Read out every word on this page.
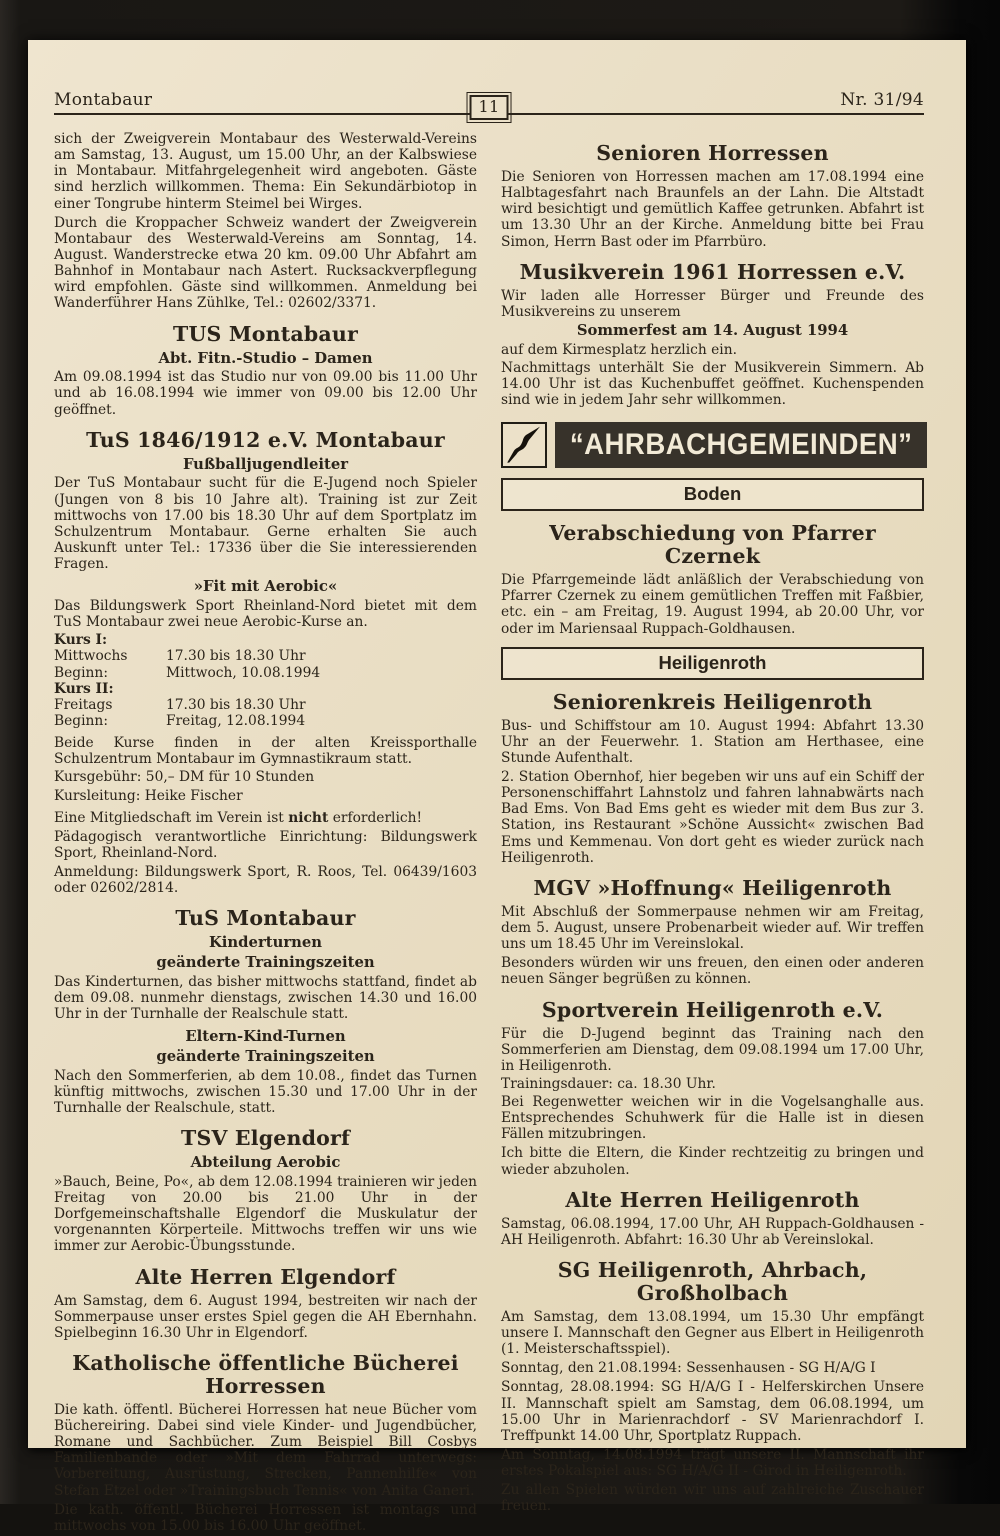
Montabaur	11	Nr. 31/94
sich der Zweigverein Montabaur des Westerwald-Vereins am Samstag, 13. August, um 15.00 Uhr, an der Kalbswiese in Montabaur. Mitfahrgelegenheit wird angeboten. Gäste sind herzlich willkommen. Thema: Ein Sekundärbiotop in einer Tongrube hinterm Steimel bei Wirges.
Durch die Kroppacher Schweiz wandert der Zweigverein Montabaur des Westerwald-Vereins am Sonntag, 14. August. Wanderstrecke etwa 20 km. 09.00 Uhr Abfahrt am Bahnhof in Montabaur nach Astert. Rucksackverpflegung wird empfohlen. Gäste sind willkommen. Anmeldung bei Wanderführer Hans Zühlke, Tel.: 02602/3371.
TUS Montabaur
Abt. Fitn.-Studio – Damen
Am 09.08.1994 ist das Studio nur von 09.00 bis 11.00 Uhr und ab 16.08.1994 wie immer von 09.00 bis 12.00 Uhr geöffnet.
TuS 1846/1912 e.V. Montabaur
Fußballjugendleiter
Der TuS Montabaur sucht für die E-Jugend noch Spieler (Jungen von 8 bis 10 Jahre alt). Training ist zur Zeit mittwochs von 17.00 bis 18.30 Uhr auf dem Sportplatz im Schulzentrum Montabaur. Gerne erhalten Sie auch Auskunft unter Tel.: 17336 über die Sie interessierenden Fragen.
»Fit mit Aerobic«
Das Bildungswerk Sport Rheinland-Nord bietet mit dem TuS Montabaur zwei neue Aerobic-Kurse an.
Kurs I:
Mittwochs	17.30 bis 18.30 Uhr
Beginn:	Mittwoch, 10.08.1994
Kurs II:
Freitags	17.30 bis 18.30 Uhr
Beginn:	Freitag, 12.08.1994
Beide Kurse finden in der alten Kreissporthalle Schulzentrum Montabaur im Gymnastikraum statt.
Kursgebühr: 50,– DM für 10 Stunden
Kursleitung: Heike Fischer
Eine Mitgliedschaft im Verein ist nicht erforderlich!
Pädagogisch verantwortliche Einrichtung: Bildungswerk Sport, Rheinland-Nord.
Anmeldung: Bildungswerk Sport, R. Roos, Tel. 06439/1603 oder 02602/2814.
TuS Montabaur
Kinderturnen
geänderte Trainingszeiten
Das Kinderturnen, das bisher mittwochs stattfand, findet ab dem 09.08. nunmehr dienstags, zwischen 14.30 und 16.00 Uhr in der Turnhalle der Realschule statt.
Eltern-Kind-Turnen
geänderte Trainingszeiten
Nach den Sommerferien, ab dem 10.08., findet das Turnen künftig mittwochs, zwischen 15.30 und 17.00 Uhr in der Turnhalle der Realschule, statt.
TSV Elgendorf
Abteilung Aerobic
»Bauch, Beine, Po«, ab dem 12.08.1994 trainieren wir jeden Freitag von 20.00 bis 21.00 Uhr in der Dorfgemeinschaftshalle Elgendorf die Muskulatur der vorgenannten Körperteile. Mittwochs treffen wir uns wie immer zur Aerobic-Übungsstunde.
Alte Herren Elgendorf
Am Samstag, dem 6. August 1994, bestreiten wir nach der Sommerpause unser erstes Spiel gegen die AH Ebernhahn. Spielbeginn 16.30 Uhr in Elgendorf.
Katholische öffentliche Bücherei Horressen
Die kath. öffentl. Bücherei Horressen hat neue Bücher vom Büchereiring. Dabei sind viele Kinder- und Jugendbücher, Romane und Sachbücher. Zum Beispiel Bill Cosbys Familienbande oder »Mit dem Fahrrad unterwegs: Vorbereitung, Ausrüstung, Strecken, Pannenhilfe« von Stefan Etzel oder »Trainingsbuch Tennis« von Anita Ganeri.
Die kath. öffentl. Bücherei Horressen ist montags und mittwochs von 15.00 bis 16.00 Uhr geöffnet.
Senioren Horressen
Die Senioren von Horressen machen am 17.08.1994 eine Halbtagesfahrt nach Braunfels an der Lahn. Die Altstadt wird besichtigt und gemütlich Kaffee getrunken. Abfahrt ist um 13.30 Uhr an der Kirche. Anmeldung bitte bei Frau Simon, Herrn Bast oder im Pfarrbüro.
Musikverein 1961 Horressen e.V.
Wir laden alle Horresser Bürger und Freunde des Musikvereins zu unserem
Sommerfest am 14. August 1994
auf dem Kirmesplatz herzlich ein.
Nachmittags unterhält Sie der Musikverein Simmern. Ab 14.00 Uhr ist das Kuchenbuffet geöffnet. Kuchenspenden sind wie in jedem Jahr sehr willkommen.
“AHRBACHGEMEINDEN”
Boden
Verabschiedung von Pfarrer Czernek
Die Pfarrgemeinde lädt anläßlich der Verabschiedung von Pfarrer Czernek zu einem gemütlichen Treffen mit Faßbier, etc. ein – am Freitag, 19. August 1994, ab 20.00 Uhr, vor oder im Mariensaal Ruppach-Goldhausen.
Heiligenroth
Seniorenkreis Heiligenroth
Bus- und Schiffstour am 10. August 1994: Abfahrt 13.30 Uhr an der Feuerwehr. 1. Station am Herthasee, eine Stunde Aufenthalt.
2. Station Obernhof, hier begeben wir uns auf ein Schiff der Personenschiffahrt Lahnstolz und fahren lahnabwärts nach Bad Ems. Von Bad Ems geht es wieder mit dem Bus zur 3. Station, ins Restaurant »Schöne Aussicht« zwischen Bad Ems und Kemmenau. Von dort geht es wieder zurück nach Heiligenroth.
MGV »Hoffnung« Heiligenroth
Mit Abschluß der Sommerpause nehmen wir am Freitag, dem 5. August, unsere Probenarbeit wieder auf. Wir treffen uns um 18.45 Uhr im Vereinslokal.
Besonders würden wir uns freuen, den einen oder anderen neuen Sänger begrüßen zu können.
Sportverein Heiligenroth e.V.
Für die D-Jugend beginnt das Training nach den Sommerferien am Dienstag, dem 09.08.1994 um 17.00 Uhr, in Heiligenroth.
Trainingsdauer: ca. 18.30 Uhr.
Bei Regenwetter weichen wir in die Vogelsanghalle aus. Entsprechendes Schuhwerk für die Halle ist in diesen Fällen mitzubringen.
Ich bitte die Eltern, die Kinder rechtzeitig zu bringen und wieder abzuholen.
Alte Herren Heiligenroth
Samstag, 06.08.1994, 17.00 Uhr, AH Ruppach-Goldhausen - AH Heiligenroth. Abfahrt: 16.30 Uhr ab Vereinslokal.
SG Heiligenroth, Ahrbach, Großholbach
Am Samstag, dem 13.08.1994, um 15.30 Uhr empfängt unsere I. Mannschaft den Gegner aus Elbert in Heiligenroth (1. Meisterschaftsspiel).
Sonntag, den 21.08.1994: Sessenhausen - SG H/A/G I
Sonntag, 28.08.1994: SG H/A/G I - Helferskirchen Unsere II. Mannschaft spielt am Samstag, dem 06.08.1994, um 15.00 Uhr in Marienrachdorf - SV Marienrachdorf I. Treffpunkt 14.00 Uhr, Sportplatz Ruppach.
Am Sonntag, 14.08.1994 trägt unsere II. Mannschaft ihr erstes Pokalspiel aus: SG H/A/G II - Girod in Heiligenroth.
Zu allen Spielen würden wir uns auf zahlreiche Zuschauer freuen.
